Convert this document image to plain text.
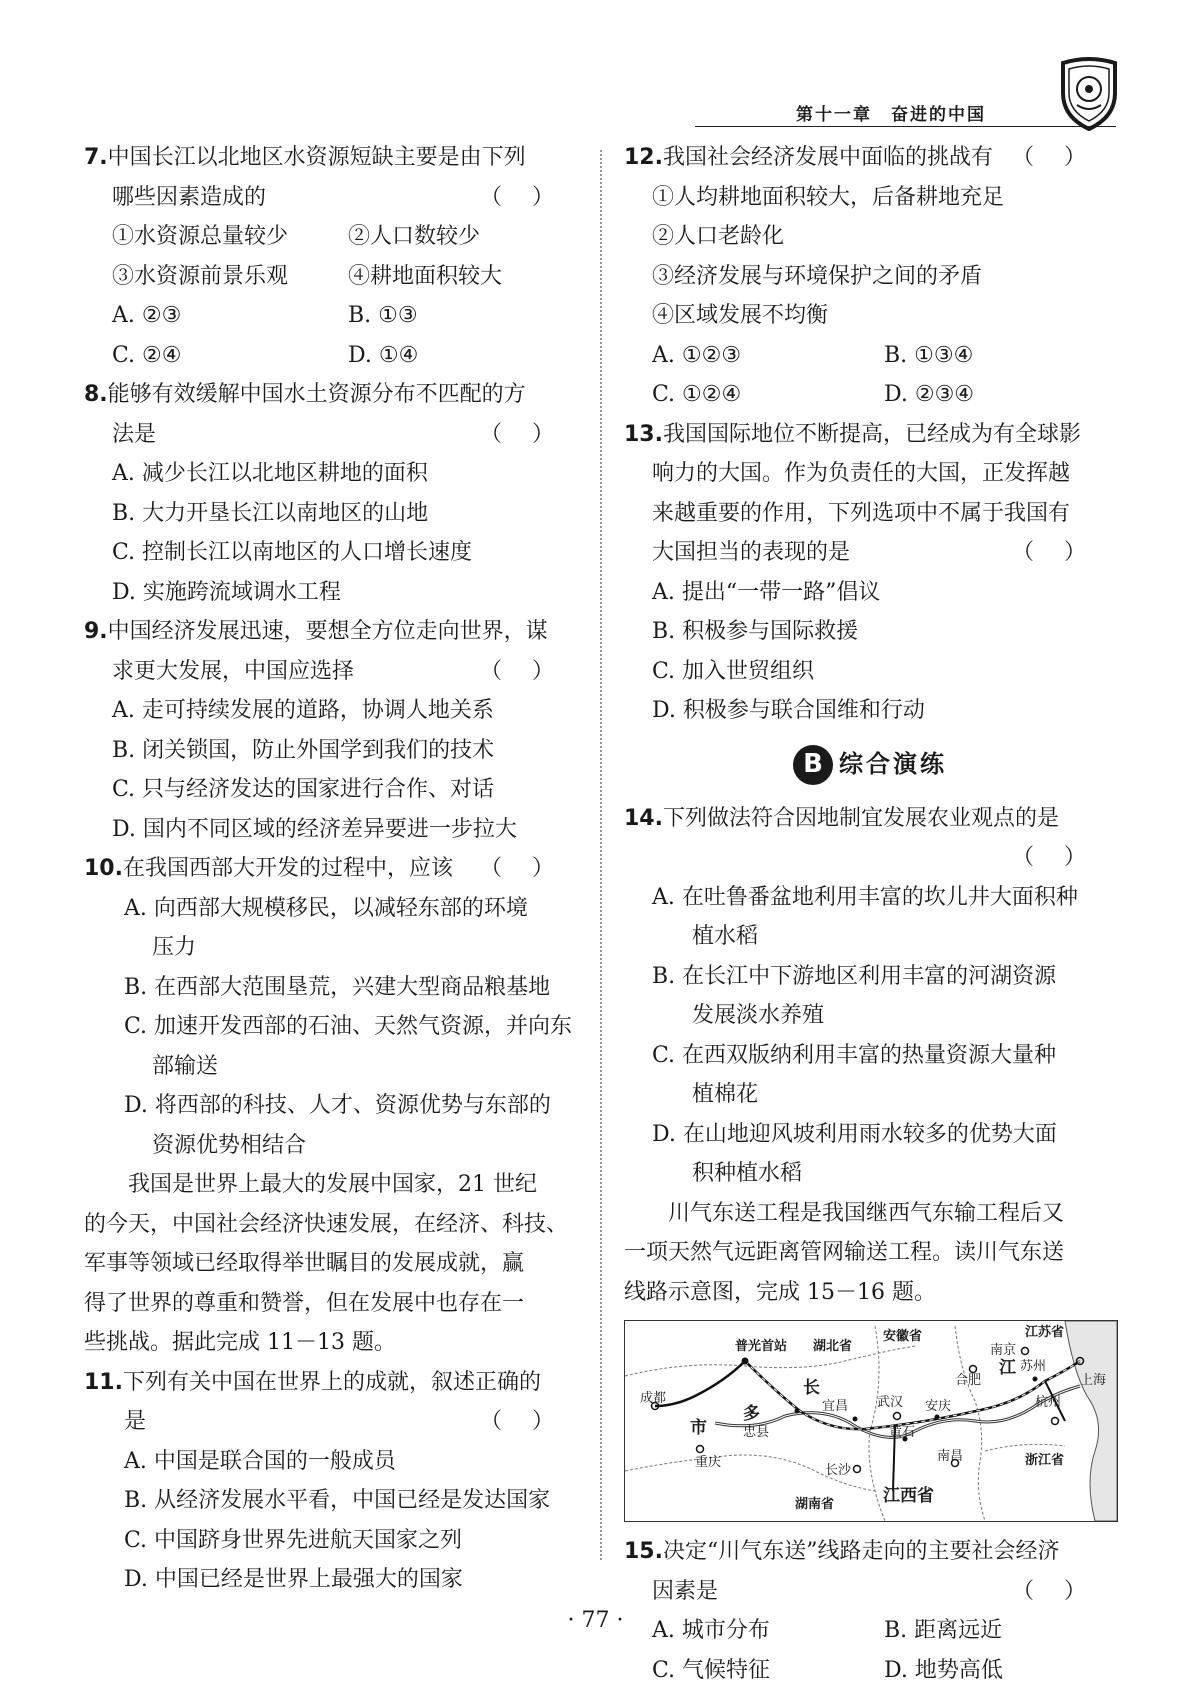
第十一章　奋进的中国
7.中国长江以北地区水资源短缺主要是由下列
哪些因素造成的	（）
①水资源总量较少	②人口数较少
③水资源前景乐观	④耕地面积较大
A. ②③	B. ①③
C. ②④	D. ①④
8.能够有效缓解中国水土资源分布不匹配的方
法是	（）
A. 减少长江以北地区耕地的面积
B. 大力开垦长江以南地区的山地
C. 控制长江以南地区的人口增长速度
D. 实施跨流域调水工程
9.中国经济发展迅速，要想全方位走向世界，谋
求更大发展，中国应选择	（）
A. 走可持续发展的道路，协调人地关系
B. 闭关锁国，防止外国学到我们的技术
C. 只与经济发达的国家进行合作、对话
D. 国内不同区域的经济差异要进一步拉大
10.在我国西部大开发的过程中，应该 （）
A. 向西部大规模移民，以减轻东部的环境
压力
B. 在西部大范围垦荒，兴建大型商品粮基地
C. 加速开发西部的石油、天然气资源，并向东
部输送
D. 将西部的科技、人才、资源优势与东部的
资源优势相结合
我国是世界上最大的发展中国家，21 世纪
的今天，中国社会经济快速发展，在经济、科技、
军事等领域已经取得举世瞩目的发展成就，赢
得了世界的尊重和赞誉，但在发展中也存在一
些挑战。据此完成 11－13 题。
11.下列有关中国在世界上的成就，叙述正确的
是	（）
A. 中国是联合国的一般成员
B. 从经济发展水平看，中国已经是发达国家
C. 中国跻身世界先进航天国家之列
D. 中国已经是世界上最强大的国家
12.我国社会经济发展中面临的挑战有 （）
①人均耕地面积较大，后备耕地充足
②人口老龄化
③经济发展与环境保护之间的矛盾
④区域发展不均衡
A. ①②③	B. ①③④
C. ①②④	D. ②③④
13.我国国际地位不断提高，已经成为有全球影
响力的大国。作为负责任的大国，正发挥越
来越重要的作用，下列选项中不属于我国有
大国担当的表现的是	（）
A. 提出“一带一路”倡议
B. 积极参与国际救援
C. 加入世贸组织
D. 积极参与联合国维和行动
B 综合演练
14.下列做法符合因地制宜发展农业观点的是
（）
A. 在吐鲁番盆地利用丰富的坎儿井大面积种
植水稻
B. 在长江中下游地区利用丰富的河湖资源
发展淡水养殖
C. 在西双版纳利用丰富的热量资源大量种
植棉花
D. 在山地迎风坡利用雨水较多的优势大面
积种植水稻
川气东送工程是我国继西气东输工程后又
一项天然气远距离管网输送工程。读川气东送
线路示意图，完成 15－16 题。
安徽省	江苏省
南京
苏州
合肥
江
上海
杭州
浙江省
普光首站 湖北省
成都
长
宜昌 武汉 安庆
市
多
忠县	黄石
重庆	南昌
长沙
湖南省	江西省
15.决定“川气东送”线路走向的主要社会经济
因素是	（）
A. 城市分布	B. 距离远近
C. 气候特征	D. 地势高低
· 77 ·
